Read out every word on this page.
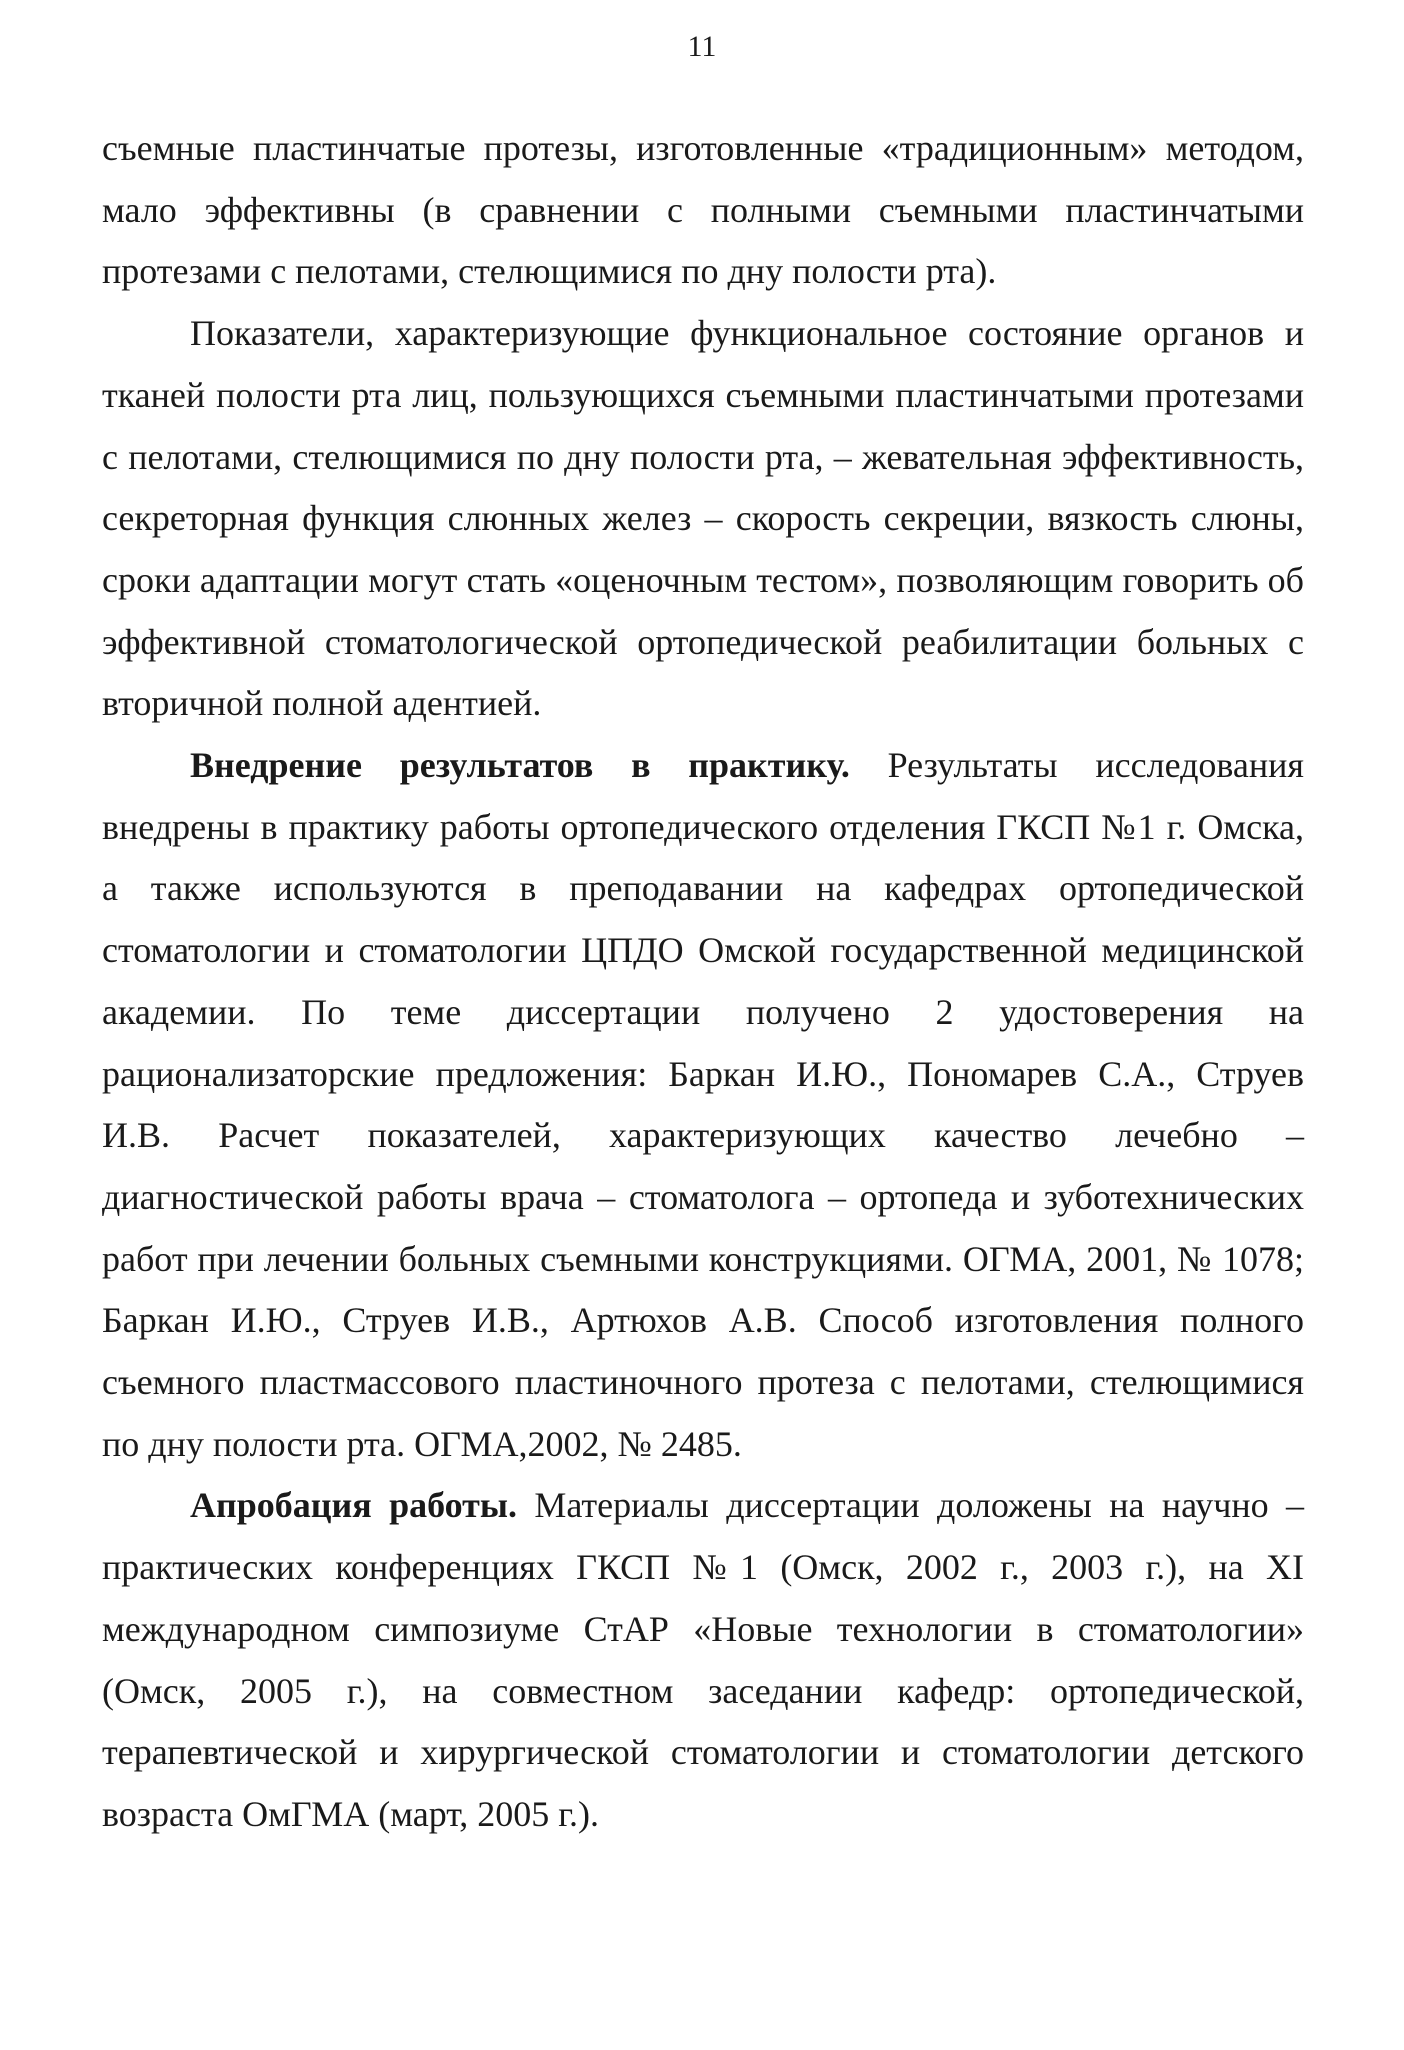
11

съемные пластинчатые протезы, изготовленные «традиционным» методом, мало эффективны (в сравнении с полными съемными пластинчатыми протезами с пелотами, стелющимися по дну полости рта).

Показатели, характеризующие функциональное состояние органов и тканей полости рта лиц, пользующихся съемными пластинчатыми протезами с пелотами, стелющимися по дну полости рта, – жевательная эффективность, секреторная функция слюнных желез – скорость секреции, вязкость слюны, сроки адаптации могут стать «оценочным тестом», позволяющим говорить об эффективной стоматологической ортопедической реабилитации больных с вторичной полной адентией.

Внедрение результатов в практику. Результаты исследования внедрены в практику работы ортопедического отделения ГКСП №1 г. Омска, а также используются в преподавании на кафедрах ортопедической стоматологии и стоматологии ЦПДО Омской государственной медицинской академии. По теме диссертации получено 2 удостоверения на рационализаторские предложения: Баркан И.Ю., Пономарев С.А., Струев И.В. Расчет показателей, характеризующих качество лечебно – диагностической работы врача – стоматолога – ортопеда и зуботехнических работ при лечении больных съемными конструкциями. ОГМА, 2001, № 1078; Баркан И.Ю., Струев И.В., Артюхов А.В. Способ изготовления полного съемного пластмассового пластиночного протеза с пелотами, стелющимися по дну полости рта. ОГМА,2002, № 2485.

Апробация работы. Материалы диссертации доложены на научно – практических конференциях ГКСП №1 (Омск, 2002 г., 2003 г.), на XI международном симпозиуме СтАР «Новые технологии в стоматологии» (Омск, 2005 г.), на совместном заседании кафедр: ортопедической, терапевтической и хирургической стоматологии и стоматологии детского возраста ОмГМА (март, 2005 г.).
